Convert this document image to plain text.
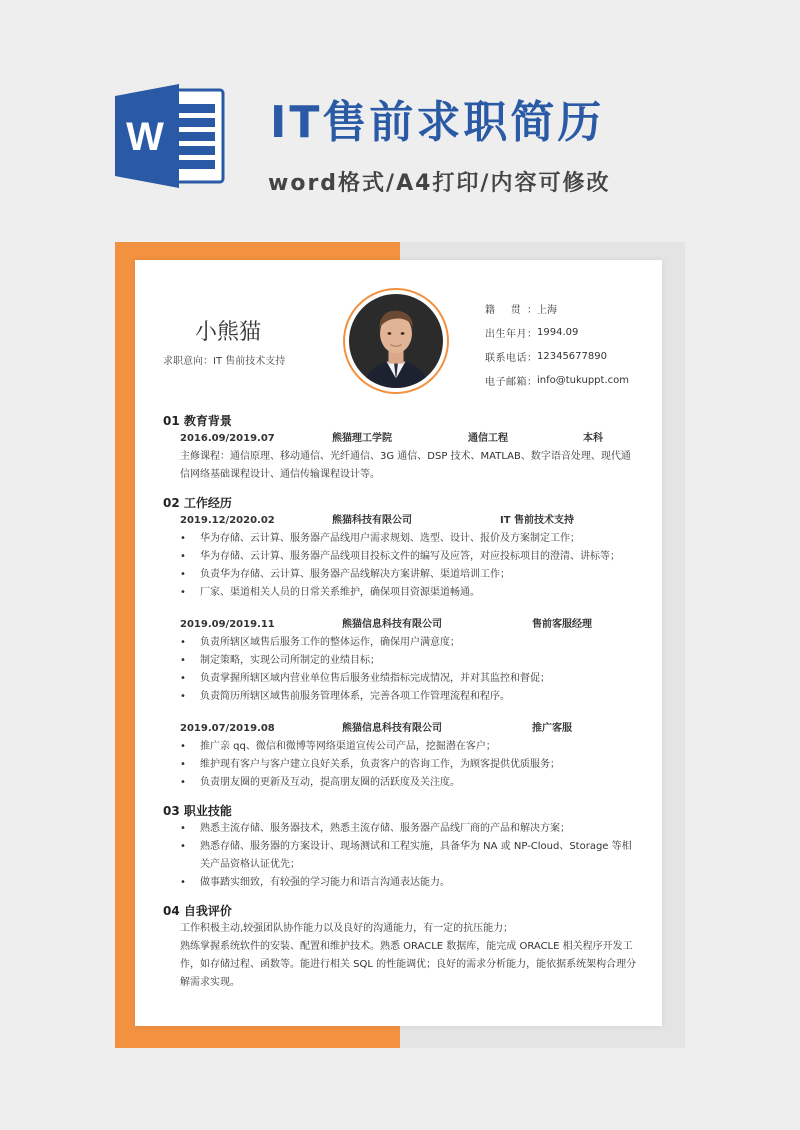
W IT售前求职简历
word格式/A4打印/内容可修改
小熊猫
求职意向：IT 售前技术支持
籍 贯： 上海
出生年月： 1994.09
联系电话： 12345677890
电子邮箱： info@tukuppt.com
01 教育背景
2016.09/2019.07	熊猫理工学院	通信工程	本科
主修课程：通信原理、移动通信、光纤通信、3G 通信、DSP 技术、MATLAB、数字语音处理、现代通信网络基础课程设计、通信传输课程设计等。
02 工作经历
2019.12/2020.02	熊猫科技有限公司	IT 售前技术支持
• 华为存储、云计算、服务器产品线用户需求规划、选型、设计、报价及方案制定工作；
• 华为存储、云计算、服务器产品线项目投标文件的编写及应答，对应投标项目的澄清、讲标等；
• 负责华为存储、云计算、服务器产品线解决方案讲解、渠道培训工作；
• 厂家、渠道相关人员的日常关系维护，确保项目资源渠道畅通。
2019.09/2019.11	熊猫信息科技有限公司	售前客服经理
• 负责所辖区域售后服务工作的整体运作，确保用户满意度；
• 制定策略，实现公司所制定的业绩目标；
• 负责掌握所辖区域内营业单位售后服务业绩指标完成情况，并对其监控和督促；
• 负责简历所辖区域售前服务管理体系，完善各项工作管理流程和程序。
2019.07/2019.08	熊猫信息科技有限公司	推广客服
• 推广亲 qq、微信和微博等网络渠道宣传公司产品，挖掘潜在客户；
• 维护现有客户与客户建立良好关系，负责客户的咨询工作，为顾客提供优质服务；
• 负责朋友圈的更新及互动，提高朋友圈的活跃度及关注度。
03 职业技能
• 熟悉主流存储、服务器技术，熟悉主流存储、服务器产品线厂商的产品和解决方案；
• 熟悉存储、服务器的方案设计、现场测试和工程实施，具备华为 NA 或 NP-Cloud、Storage 等相关产品资格认证优先；
• 做事踏实细致，有较强的学习能力和语言沟通表达能力。
04 自我评价
工作积极主动,较强团队协作能力以及良好的沟通能力，有一定的抗压能力；
熟练掌握系统软件的安装、配置和维护技术。熟悉 ORACLE 数据库，能完成 ORACLE 相关程序开发工作，如存储过程、函数等。能进行相关 SQL 的性能调优；良好的需求分析能力，能依据系统架构合理分解需求实现。
